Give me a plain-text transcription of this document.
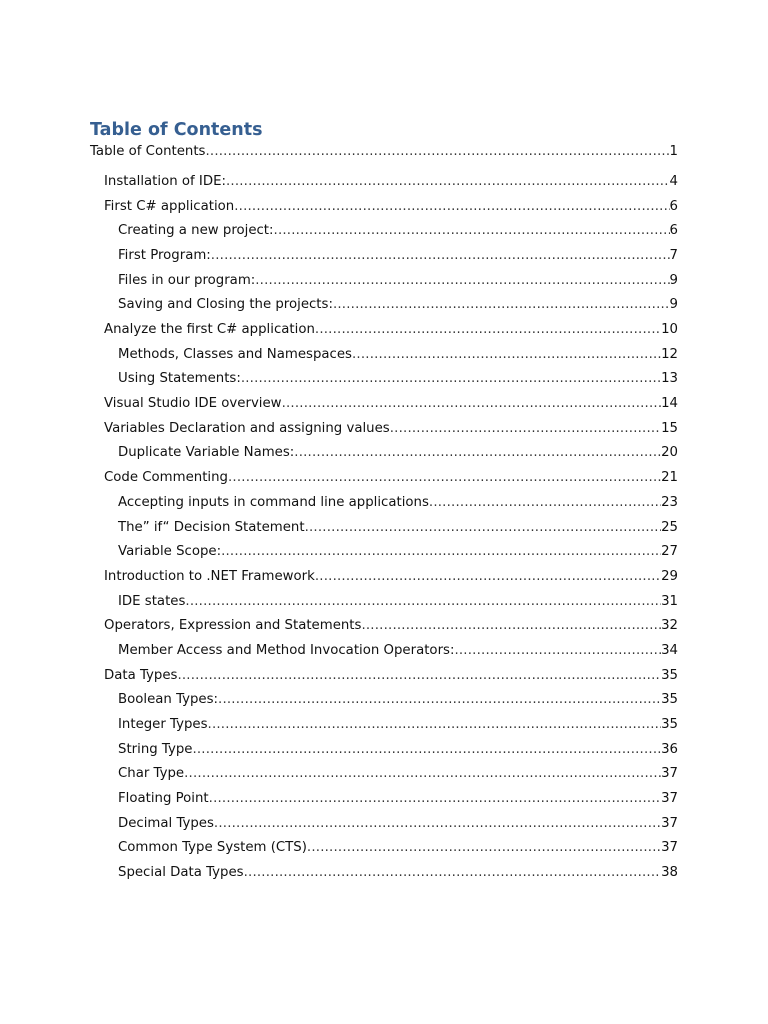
Table of Contents
Table of Contents .....	1
Installation of IDE: .....	4
First C# application .....	6
Creating a new project: .....	6
First Program: .....	7
Files in our program: .....	9
Saving and Closing the projects: .....	9
Analyze the first C# application .....	10
Methods, Classes and Namespaces .....	12
Using Statements: .....	13
Visual Studio IDE overview .....	14
Variables Declaration and assigning values .....	15
Duplicate Variable Names: .....	20
Code Commenting .....	21
Accepting inputs in command line applications .....	23
The” if“ Decision Statement .....	25
Variable Scope: .....	27
Introduction to .NET Framework .....	29
IDE states .....	31
Operators, Expression and Statements .....	32
Member Access and Method Invocation Operators: .....	34
Data Types .....	35
Boolean Types: .....	35
Integer Types .....	35
String Type .....	36
Char Type .....	37
Floating Point .....	37
Decimal Types .....	37
Common Type System (CTS) .....	37
Special Data Types .....	38
